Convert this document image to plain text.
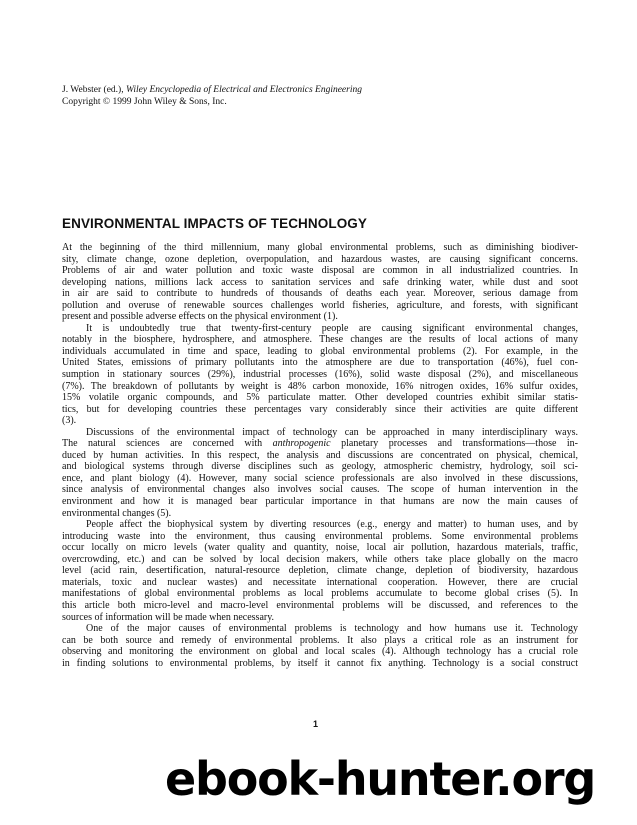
J. Webster (ed.), Wiley Encyclopedia of Electrical and Electronics Engineering
Copyright © 1999 John Wiley & Sons, Inc.
ENVIRONMENTAL IMPACTS OF TECHNOLOGY
At the beginning of the third millennium, many global environmental problems, such as diminishing biodiver-
sity, climate change, ozone depletion, overpopulation, and hazardous wastes, are causing significant concerns.
Problems of air and water pollution and toxic waste disposal are common in all industrialized countries. In
developing nations, millions lack access to sanitation services and safe drinking water, while dust and soot
in air are said to contribute to hundreds of thousands of deaths each year. Moreover, serious damage from
pollution and overuse of renewable sources challenges world fisheries, agriculture, and forests, with significant
present and possible adverse effects on the physical environment (1).
It is undoubtedly true that twenty-first-century people are causing significant environmental changes,
notably in the biosphere, hydrosphere, and atmosphere. These changes are the results of local actions of many
individuals accumulated in time and space, leading to global environmental problems (2). For example, in the
United States, emissions of primary pollutants into the atmosphere are due to transportation (46%), fuel con-
sumption in stationary sources (29%), industrial processes (16%), solid waste disposal (2%), and miscellaneous
(7%). The breakdown of pollutants by weight is 48% carbon monoxide, 16% nitrogen oxides, 16% sulfur oxides,
15% volatile organic compounds, and 5% particulate matter. Other developed countries exhibit similar statis-
tics, but for developing countries these percentages vary considerably since their activities are quite different
(3).
Discussions of the environmental impact of technology can be approached in many interdisciplinary ways.
The natural sciences are concerned with anthropogenic planetary processes and transformations—those in-
duced by human activities. In this respect, the analysis and discussions are concentrated on physical, chemical,
and biological systems through diverse disciplines such as geology, atmospheric chemistry, hydrology, soil sci-
ence, and plant biology (4). However, many social science professionals are also involved in these discussions,
since analysis of environmental changes also involves social causes. The scope of human intervention in the
environment and how it is managed bear particular importance in that humans are now the main causes of
environmental changes (5).
People affect the biophysical system by diverting resources (e.g., energy and matter) to human uses, and by
introducing waste into the environment, thus causing environmental problems. Some environmental problems
occur locally on micro levels (water quality and quantity, noise, local air pollution, hazardous materials, traffic,
overcrowding, etc.) and can be solved by local decision makers, while others take place globally on the macro
level (acid rain, desertification, natural-resource depletion, climate change, depletion of biodiversity, hazardous
materials, toxic and nuclear wastes) and necessitate international cooperation. However, there are crucial
manifestations of global environmental problems as local problems accumulate to become global crises (5). In
this article both micro-level and macro-level environmental problems will be discussed, and references to the
sources of information will be made when necessary.
One of the major causes of environmental problems is technology and how humans use it. Technology
can be both source and remedy of environmental problems. It also plays a critical role as an instrument for
observing and monitoring the environment on global and local scales (4). Although technology has a crucial role
in finding solutions to environmental problems, by itself it cannot fix anything. Technology is a social construct
1
ebook-hunter.org
